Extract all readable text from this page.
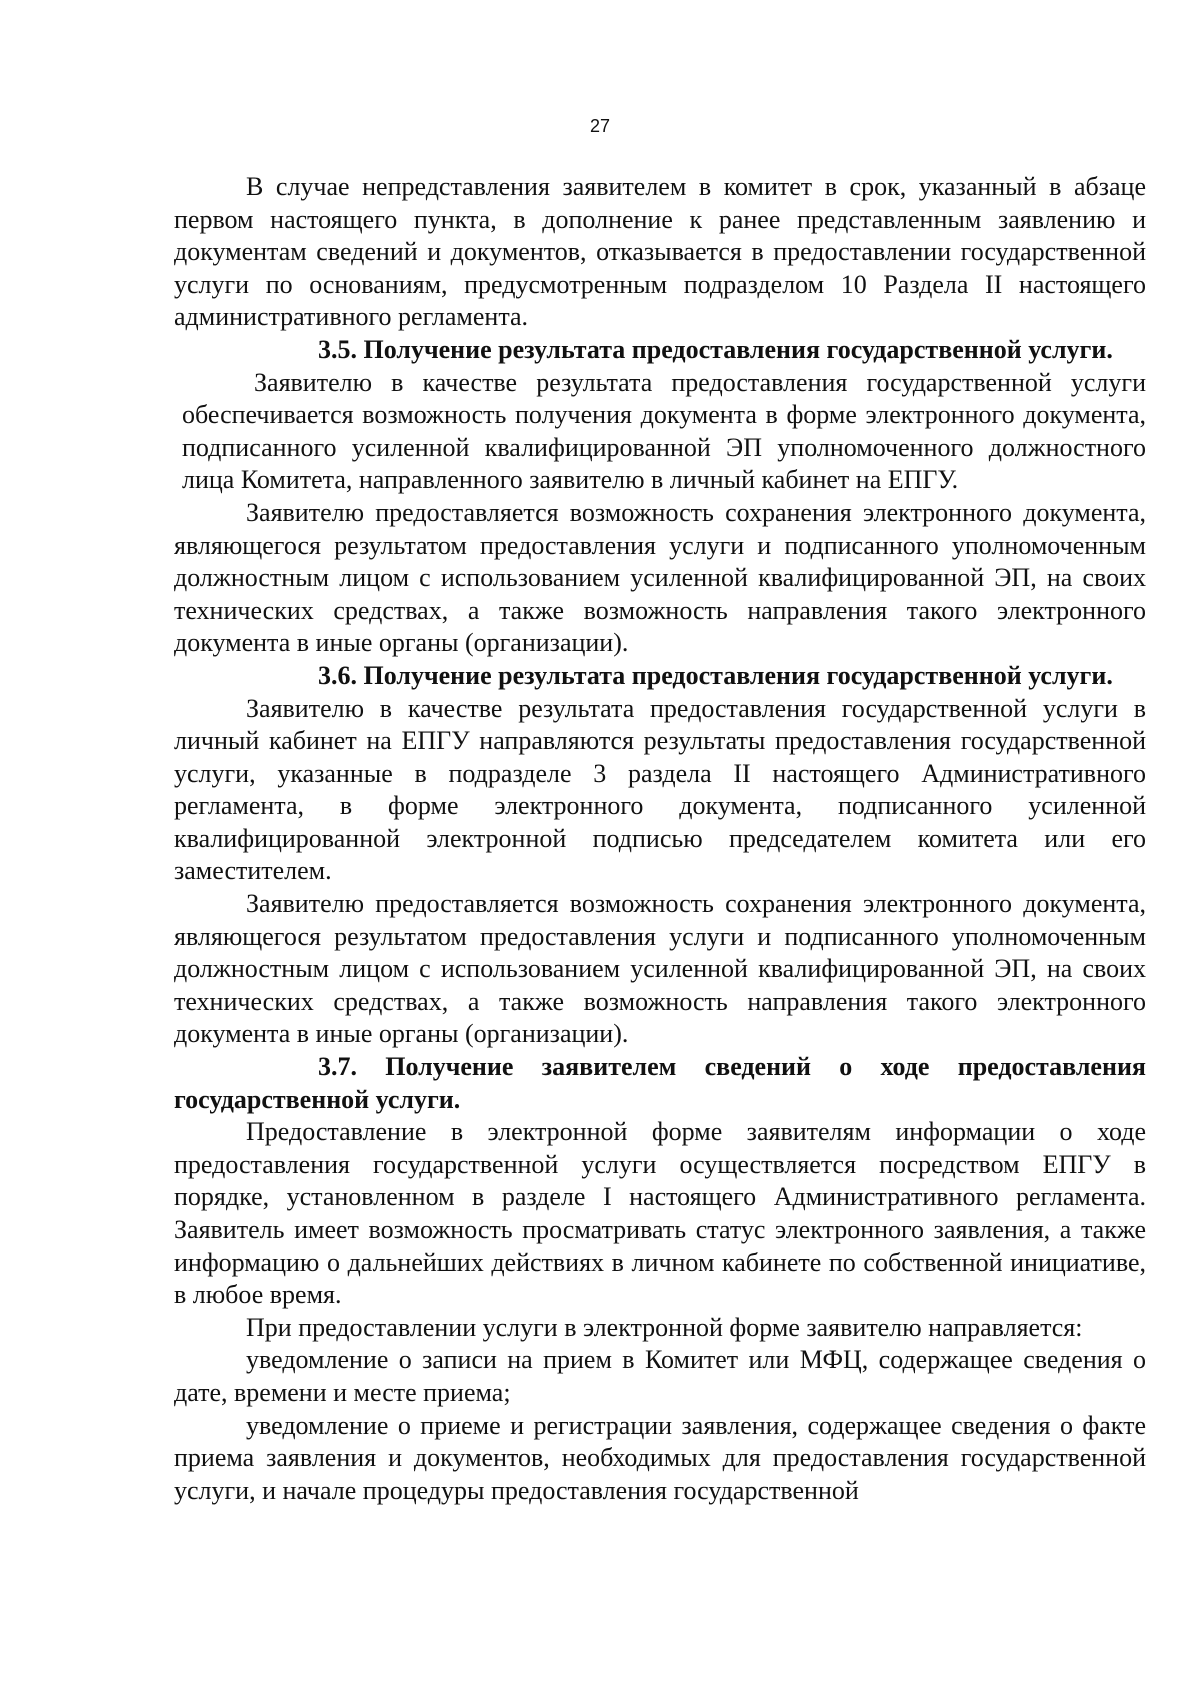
27

В случае непредставления заявителем в комитет в срок, указанный в абзаце первом настоящего пункта, в дополнение к ранее представленным заявлению и документам сведений и документов, отказывается в предоставлении государственной услуги по основаниям, предусмотренным подразделом 10 Раздела II настоящего административного регламента.

3.5. Получение результата предоставления государственной услуги.

Заявителю в качестве результата предоставления государственной услуги обеспечивается возможность получения документа в форме электронного документа, подписанного усиленной квалифицированной ЭП уполномоченного должностного лица Комитета, направленного заявителю в личный кабинет на ЕПГУ.

Заявителю предоставляется возможность сохранения электронного документа, являющегося результатом предоставления услуги и подписанного уполномоченным должностным лицом с использованием усиленной квалифицированной ЭП, на своих технических средствах, а также возможность направления такого электронного документа в иные органы (организации).

3.6. Получение результата предоставления государственной услуги.

Заявителю в качестве результата предоставления государственной услуги в личный кабинет на ЕПГУ направляются результаты предоставления государственной услуги, указанные в подразделе 3 раздела II настоящего Административного регламента, в форме электронного документа, подписанного усиленной квалифицированной электронной подписью председателем комитета или его заместителем.

Заявителю предоставляется возможность сохранения электронного документа, являющегося результатом предоставления услуги и подписанного уполномоченным должностным лицом с использованием усиленной квалифицированной ЭП, на своих технических средствах, а также возможность направления такого электронного документа в иные органы (организации).

3.7. Получение заявителем сведений о ходе предоставления государственной услуги.

Предоставление в электронной форме заявителям информации о ходе предоставления государственной услуги осуществляется посредством ЕПГУ в порядке, установленном в разделе I настоящего Административного регламента. Заявитель имеет возможность просматривать статус электронного заявления, а также информацию о дальнейших действиях в личном кабинете по собственной инициативе, в любое время.

При предоставлении услуги в электронной форме заявителю направляется:

уведомление о записи на прием в Комитет или МФЦ, содержащее сведения о дате, времени и месте приема;

уведомление о приеме и регистрации заявления, содержащее сведения о факте приема заявления и документов, необходимых для предоставления государственной услуги, и начале процедуры предоставления государственной
